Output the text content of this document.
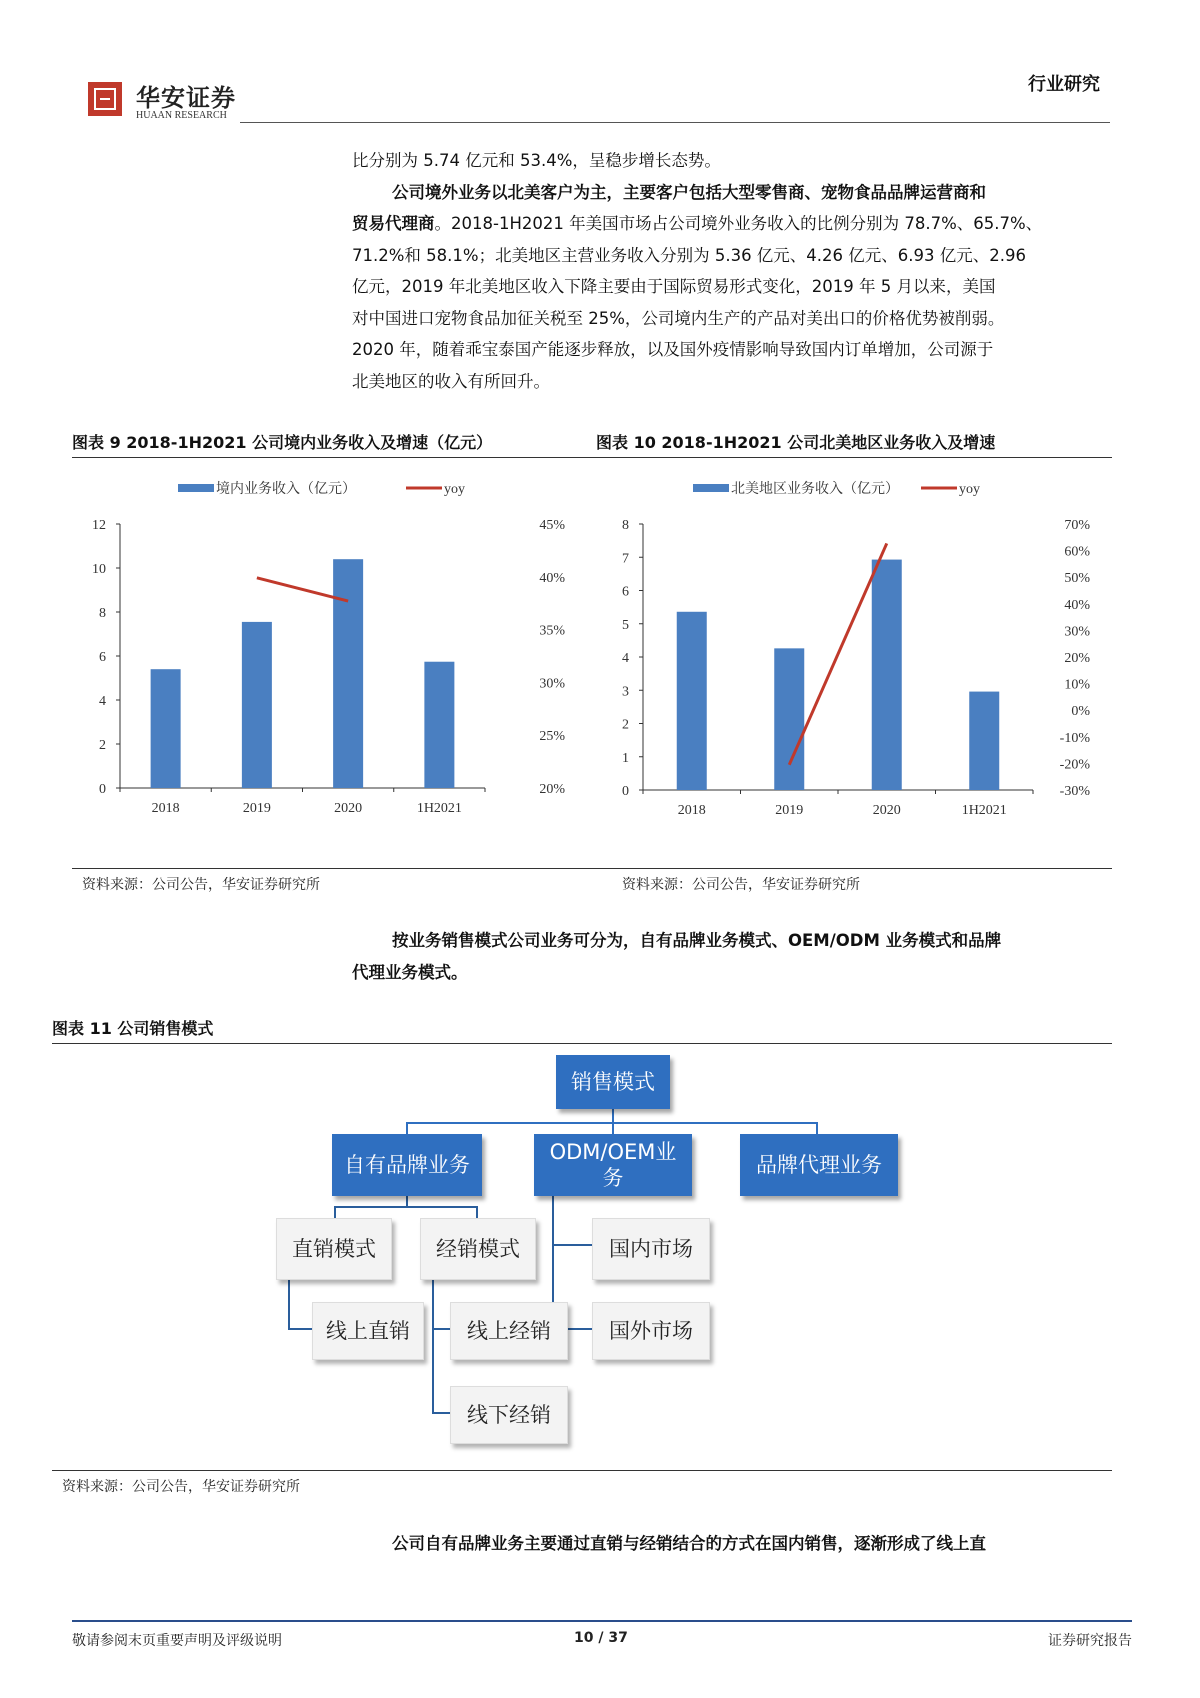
华安证券
HUAAN RESEARCH
行业研究
比分别为 5.74 亿元和 53.4%，呈稳步增长态势。
公司境外业务以北美客户为主，主要客户包括大型零售商、宠物食品品牌运营商和
贸易代理商。2018-1H2021 年美国市场占公司境外业务收入的比例分别为 78.7%、65.7%、
71.2%和 58.1%；北美地区主营业务收入分别为 5.36 亿元、4.26 亿元、6.93 亿元、2.96
亿元，2019 年北美地区收入下降主要由于国际贸易形式变化，2019 年 5 月以来，美国
对中国进口宠物食品加征关税至 25%，公司境内生产的产品对美出口的价格优势被削弱。
2020 年，随着乖宝泰国产能逐步释放，以及国外疫情影响导致国内订单增加，公司源于
北美地区的收入有所回升。
图表 9 2018-1H2021 公司境内业务收入及增速（亿元）	图表 10 2018-1H2021 公司北美地区业务收入及增速
境内业务收入（亿元）	yoy
0
2
4
6
8
10
12
20%
25%
30%
35%
40%
45%
2018	2019	2020	1H2021
北美地区业务收入（亿元）	yoy
0
1
2
3
4
5
6
7
8
-30%
-20%
-10%
0%
10%
20%
30%
40%
50%
60%
70%
2018	2019	2020	1H2021
资料来源：公司公告，华安证券研究所	资料来源：公司公告，华安证券研究所
按业务销售模式公司业务可分为，自有品牌业务模式、OEM/ODM 业务模式和品牌
代理业务模式。
图表 11 公司销售模式
销售模式
自有品牌业务
ODM/OEM业务
品牌代理业务
直销模式	经销模式	国内市场
线上直销	线上经销	国外市场
线下经销
资料来源：公司公告，华安证券研究所
公司自有品牌业务主要通过直销与经销结合的方式在国内销售，逐渐形成了线上直
敬请参阅末页重要声明及评级说明	10 / 37	证券研究报告
